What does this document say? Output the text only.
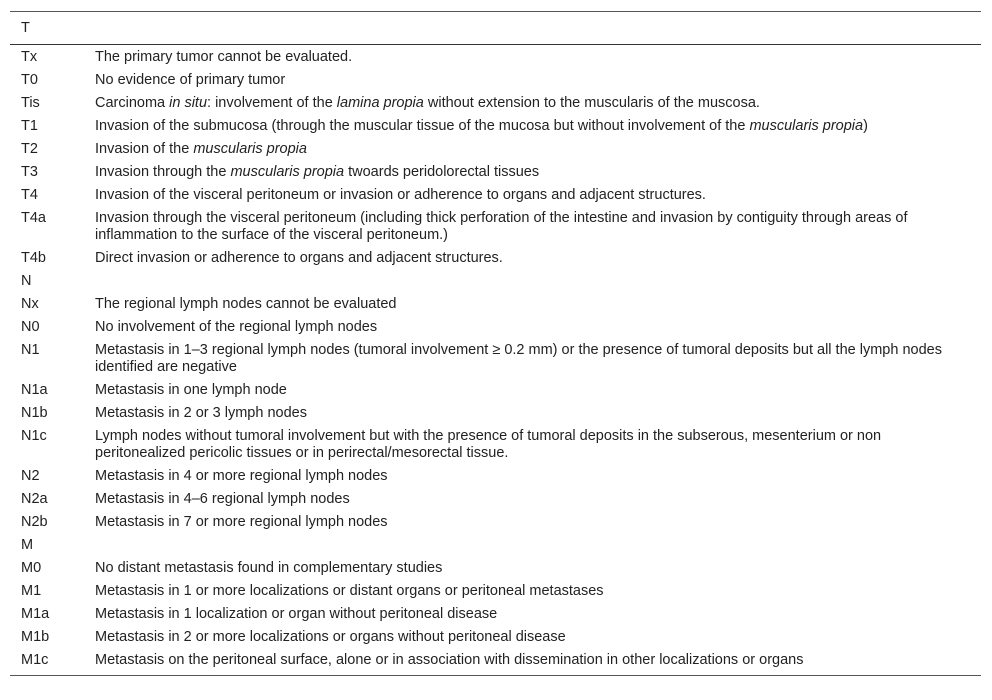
T	
Tx	The primary tumor cannot be evaluated.
T0	No evidence of primary tumor
Tis	Carcinoma in situ: involvement of the lamina propia without extension to the muscularis of the muscosa.
T1	Invasion of the submucosa (through the muscular tissue of the mucosa but without involvement of the muscularis propia)
T2	Invasion of the muscularis propia
T3	Invasion through the muscularis propia twoards peridolorectal tissues
T4	Invasion of the visceral peritoneum or invasion or adherence to organs and adjacent structures.
T4a	Invasion through the visceral peritoneum (including thick perforation of the intestine and invasion by contiguity through areas of inflammation to the surface of the visceral peritoneum.)
T4b	Direct invasion or adherence to organs and adjacent structures.
N	
Nx	The regional lymph nodes cannot be evaluated
N0	No involvement of the regional lymph nodes
N1	Metastasis in 1–3 regional lymph nodes (tumoral involvement ≥ 0.2 mm) or the presence of tumoral deposits but all the lymph nodes identified are negative
N1a	Metastasis in one lymph node
N1b	Metastasis in 2 or 3 lymph nodes
N1c	Lymph nodes without tumoral involvement but with the presence of tumoral deposits in the subserous, mesenterium or non peritonealized pericolic tissues or in perirectal/mesorectal tissue.
N2	Metastasis in 4 or more regional lymph nodes
N2a	Metastasis in 4–6 regional lymph nodes
N2b	Metastasis in 7 or more regional lymph nodes
M	
M0	No distant metastasis found in complementary studies
M1	Metastasis in 1 or more localizations or distant organs or peritoneal metastases
M1a	Metastasis in 1 localization or organ without peritoneal disease
M1b	Metastasis in 2 or more localizations or organs without peritoneal disease
M1c	Metastasis on the peritoneal surface, alone or in association with dissemination in other localizations or organs
